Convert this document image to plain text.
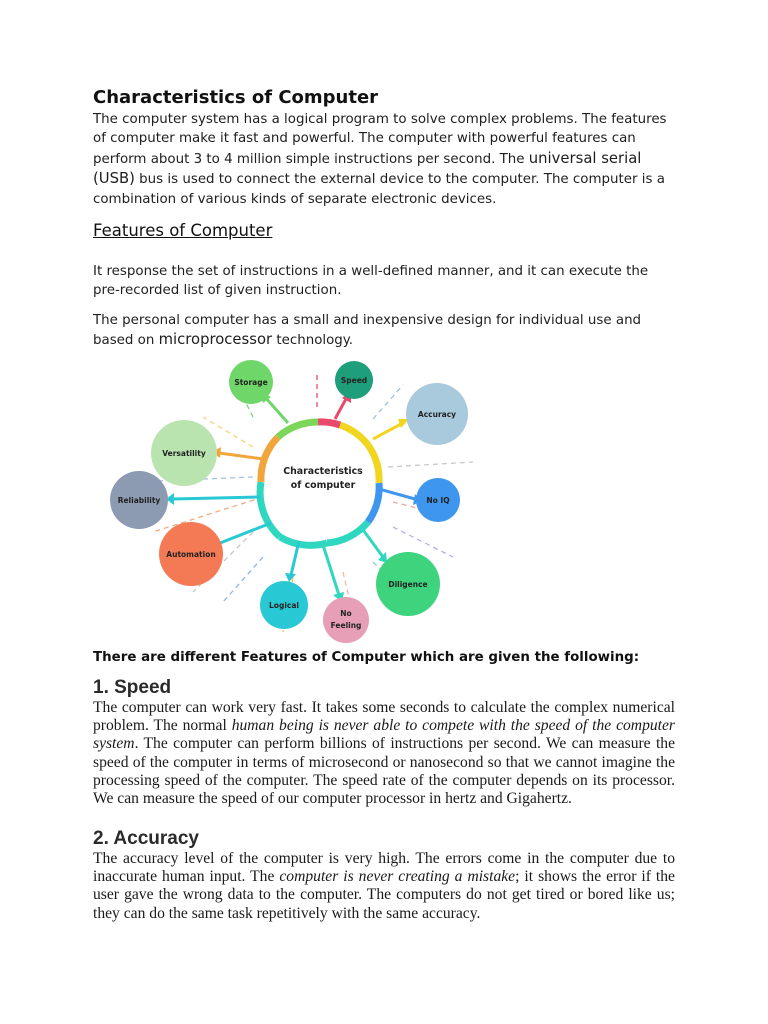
Characteristics of Computer

The computer system has a logical program to solve complex problems. The features of computer make it fast and powerful. The computer with powerful features can perform about 3 to 4 million simple instructions per second. The universal serial (USB) bus is used to connect the external device to the computer. The computer is a combination of various kinds of separate electronic devices.

Features of Computer

It response the set of instructions in a well-defined manner, and it can execute the pre-recorded list of given instruction.

The personal computer has a small and inexpensive design for individual use and based on microprocessor technology.

Characteristics
of computer
Storage	Speed
Accuracy
Versatility
No IQ
Reliability
Automation
Diligence
Logical
No
Feeling
There are different Features of Computer which are given the following:
1. Speed

The computer can work very fast. It takes some seconds to calculate the complex numerical problem. The normal human being is never able to compete with the speed of the computer system. The computer can perform billions of instructions per second. We can measure the speed of the computer in terms of microsecond or nanosecond so that we cannot imagine the processing speed of the computer. The speed rate of the computer depends on its processor. We can measure the speed of our computer processor in hertz and Gigahertz.

2. Accuracy

The accuracy level of the computer is very high. The errors come in the computer due to inaccurate human input. The computer is never creating a mistake; it shows the error if the user gave the wrong data to the computer. The computers do not get tired or bored like us; they can do the same task repetitively with the same accuracy.
